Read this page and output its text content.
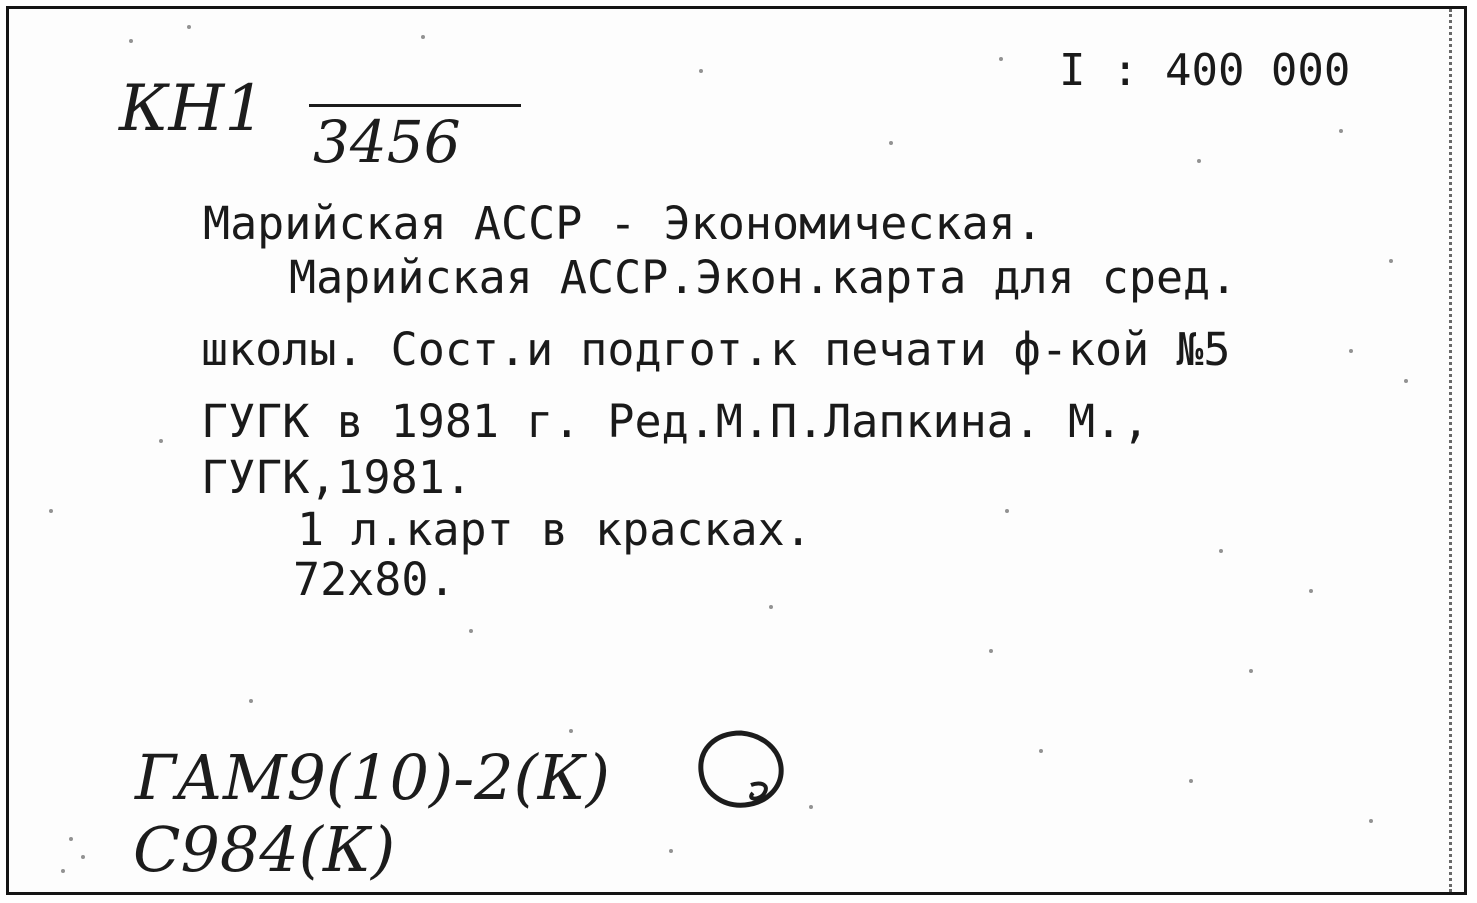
I : 400 000
КН1 3456
Марийская АССР - Экономическая.
Марийская АССР.Экон.карта для сред.
школы. Сост.и подгот.к печати ф-кой №5
ГУГК в 1981 г. Ред.М.П.Лапкина. М.,
ГУГК,1981.
1 л.карт в красках.
72х80.
ГАМ9(10)-2(К)
С984(К)
